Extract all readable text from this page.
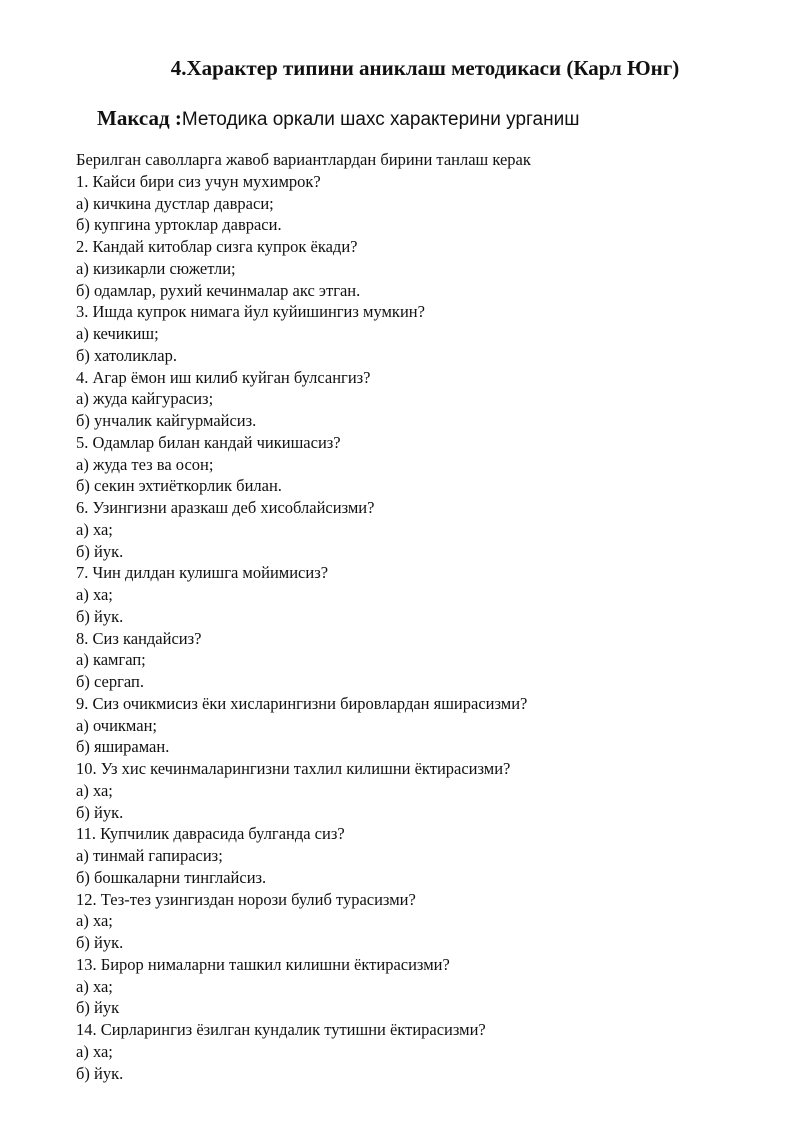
4.Характер типини аниклаш методикаси (Карл Юнг)
Максад :Методика оркали шахс характерини урганиш

Берилган саволларга жавоб вариантлардан бирини танлаш керак

1. Кайси бири сиз учун мухимрок?

а) кичкина дустлар давраси;

б) купгина уртоклар давраси.

2. Кандай китоблар сизга купрок ёкади?

а) кизикарли сюжетли;

б) одамлар, рухий кечинмалар акс этган.

3. Ишда купрок нимага йул куйишингиз мумкин?

а) кечикиш;

б) хатоликлар.

4. Агар ёмон иш килиб куйган булсангиз?

а) жуда кайгурасиз;

б) унчалик кайгурмайсиз.

5. Одамлар билан кандай чикишасиз?

а) жуда тез ва осон;

б) секин эхтиёткорлик билан.

6. Узингизни аразкаш деб хисоблайсизми?

а) ха;

б) йук.

7. Чин дилдан кулишга мойимисиз?

а) ха;

б) йук.

8. Сиз кандайсиз?

а) камгап;

б) сергап.

9. Сиз очикмисиз ёки хисларингизни бировлардан яширасизми?

а) очикман;

б) яшираман.

10. Уз хис кечинмаларингизни тахлил килишни ёктирасизми?

а) ха;

б) йук.

11. Купчилик даврасида булганда сиз?

а) тинмай гапирасиз;

б) бошкаларни тинглайсиз.

12. Тез-тез узингиздан норози булиб турасизми?

а) ха;

б) йук.

13. Бирор нималарни ташкил килишни ёктирасизми?

а) ха;

б) йук

14. Сирларингиз ёзилган кундалик тутишни ёктирасизми?

а) ха;

б) йук.
